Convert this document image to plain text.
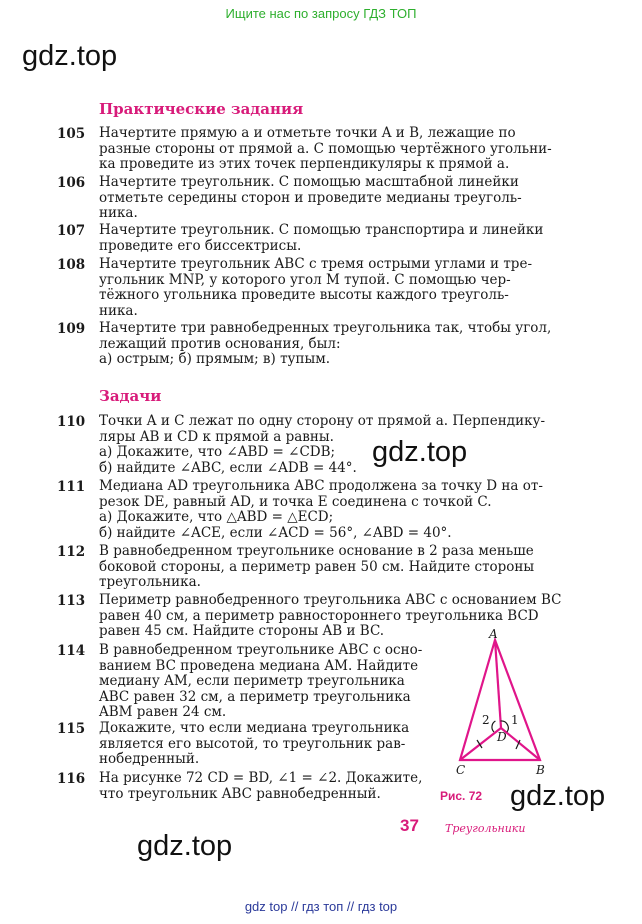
Ищите нас по запросу ГДЗ ТОП
gdz.top
gdz.top
gdz.top
gdz.top
Практические задания
Задачи
105 Начертите прямую a и отметьте точки A и B, лежащие по
разные стороны от прямой a. С помощью чертёжного угольни-
ка проведите из этих точек перпендикуляры к прямой a.
106 Начертите треугольник. С помощью масштабной линейки
отметьте середины сторон и проведите медианы треуголь-
ника.
107 Начертите треугольник. С помощью транспортира и линейки
проведите его биссектрисы.
108 Начертите треугольник ABC с тремя острыми углами и тре-
угольник MNP, у которого угол M тупой. С помощью чер-
тёжного угольника проведите высоты каждого треуголь-
ника.
109 Начертите три равнобедренных треугольника так, чтобы угол,
лежащий против основания, был:
а) острым; б) прямым; в) тупым.
110 Точки A и C лежат по одну сторону от прямой a. Перпендику-
ляры AB и CD к прямой a равны.
а) Докажите, что ∠ABD = ∠CDB;
б) найдите ∠ABC, если ∠ADB = 44°.
111 Медиана AD треугольника ABC продолжена за точку D на от-
резок DE, равный AD, и точка E соединена с точкой C.
а) Докажите, что △ABD = △ECD;
б) найдите ∠ACE, если ∠ACD = 56°, ∠ABD = 40°.
112 В равнобедренном треугольнике основание в 2 раза меньше
боковой стороны, а периметр равен 50 см. Найдите стороны
треугольника.
113 Периметр равнобедренного треугольника ABC с основанием BC
равен 40 см, а периметр равностороннего треугольника BCD
равен 45 см. Найдите стороны AB и BC.
114 В равнобедренном треугольнике ABC с осно-
ванием BC проведена медиана AM. Найдите
медиану AM, если периметр треугольника
ABC равен 32 см, а периметр треугольника
ABM равен 24 см.
115 Докажите, что если медиана треугольника
является его высотой, то треугольник рав-
нобедренный.
116 На рисунке 72 CD = BD, ∠1 = ∠2. Докажите,
что треугольник ABC равнобедренный.
A
C	B
D
1
2
Рис. 72
37 Треугольники
gdz top // гдз топ // гдз top
